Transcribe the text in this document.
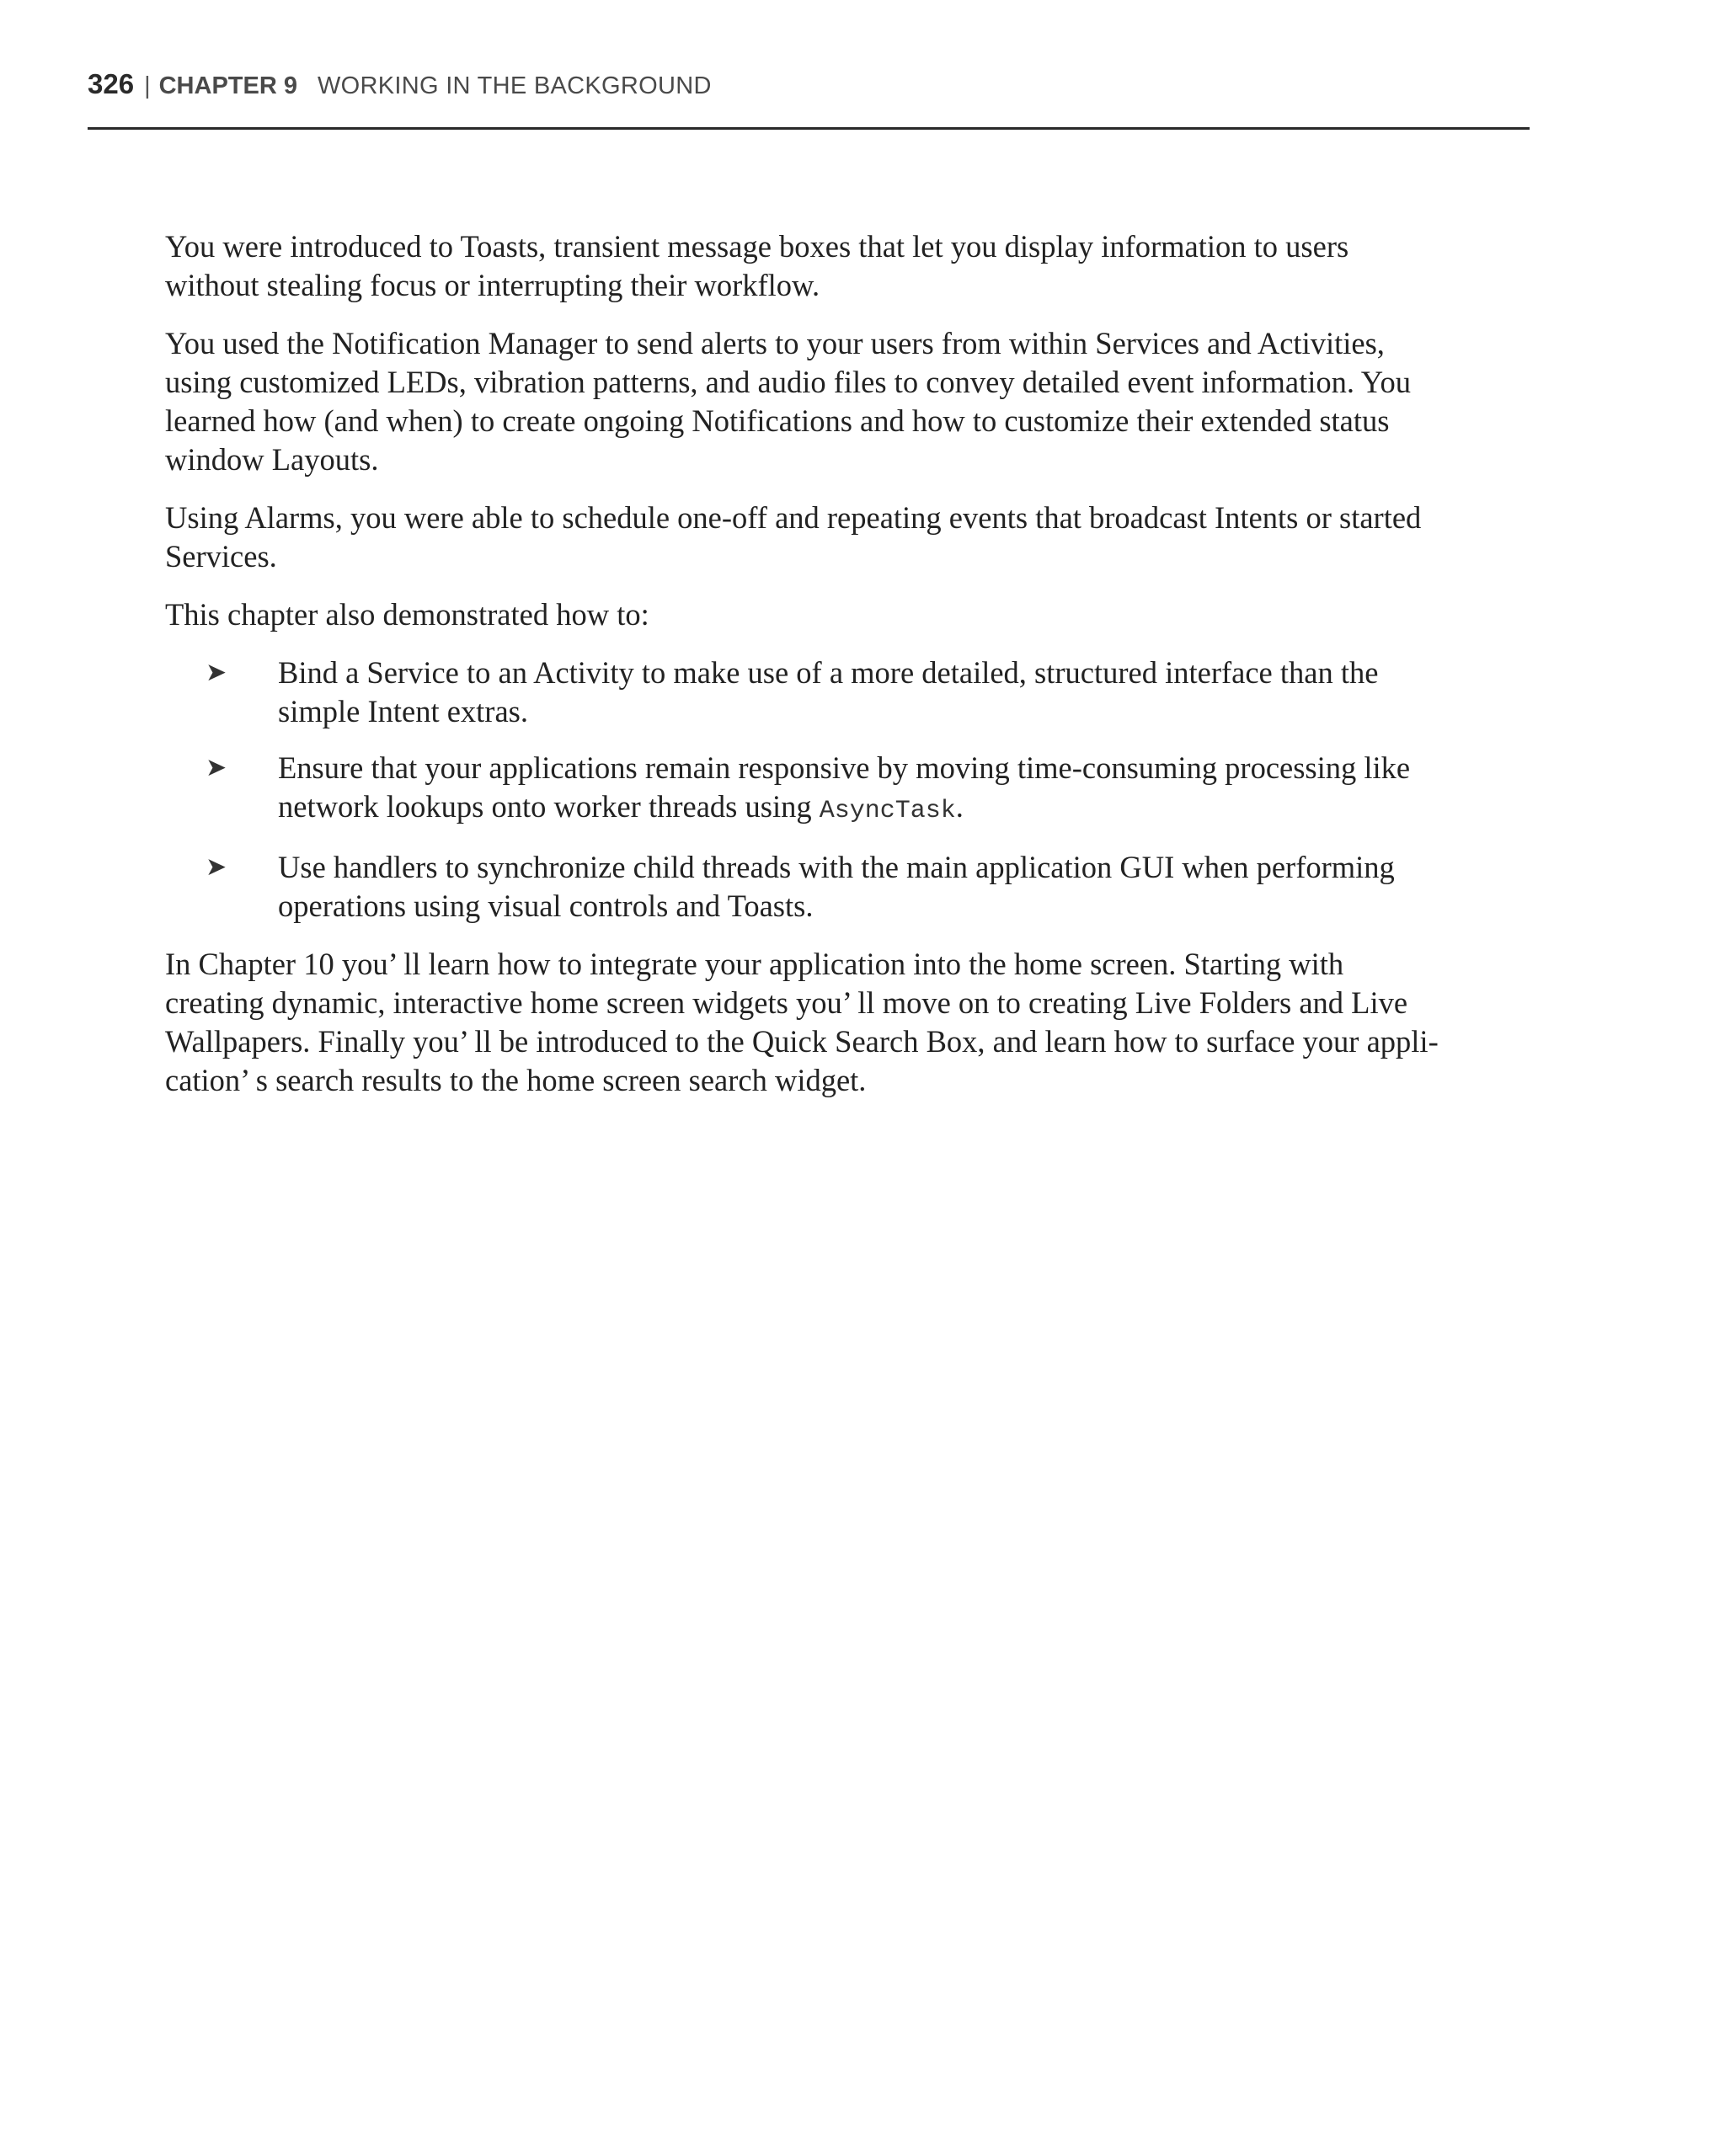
326 | CHAPTER 9 WORKING IN THE BACKGROUND

You were introduced to Toasts, transient message boxes that let you display information to users
without stealing focus or interrupting their workflow.

You used the Notification Manager to send alerts to your users from within Services and Activities,
using customized LEDs, vibration patterns, and audio files to convey detailed event information. You
learned how (and when) to create ongoing Notifications and how to customize their extended status
window Layouts.

Using Alarms, you were able to schedule one-off and repeating events that broadcast Intents or started
Services.

This chapter also demonstrated how to:

➤ Bind a Service to an Activity to make use of a more detailed, structured interface than the
simple Intent extras.
➤ Ensure that your applications remain responsive by moving time-consuming processing like
network lookups onto worker threads using AsyncTask.
➤ Use handlers to synchronize child threads with the main application GUI when performing
operations using visual controls and Toasts.

In Chapter 10 you’ ll learn how to integrate your application into the home screen. Starting with
creating dynamic, interactive home screen widgets you’ ll move on to creating Live Folders and Live
Wallpapers. Finally you’ ll be introduced to the Quick Search Box, and learn how to surface your appli-
cation’ s search results to the home screen search widget.
